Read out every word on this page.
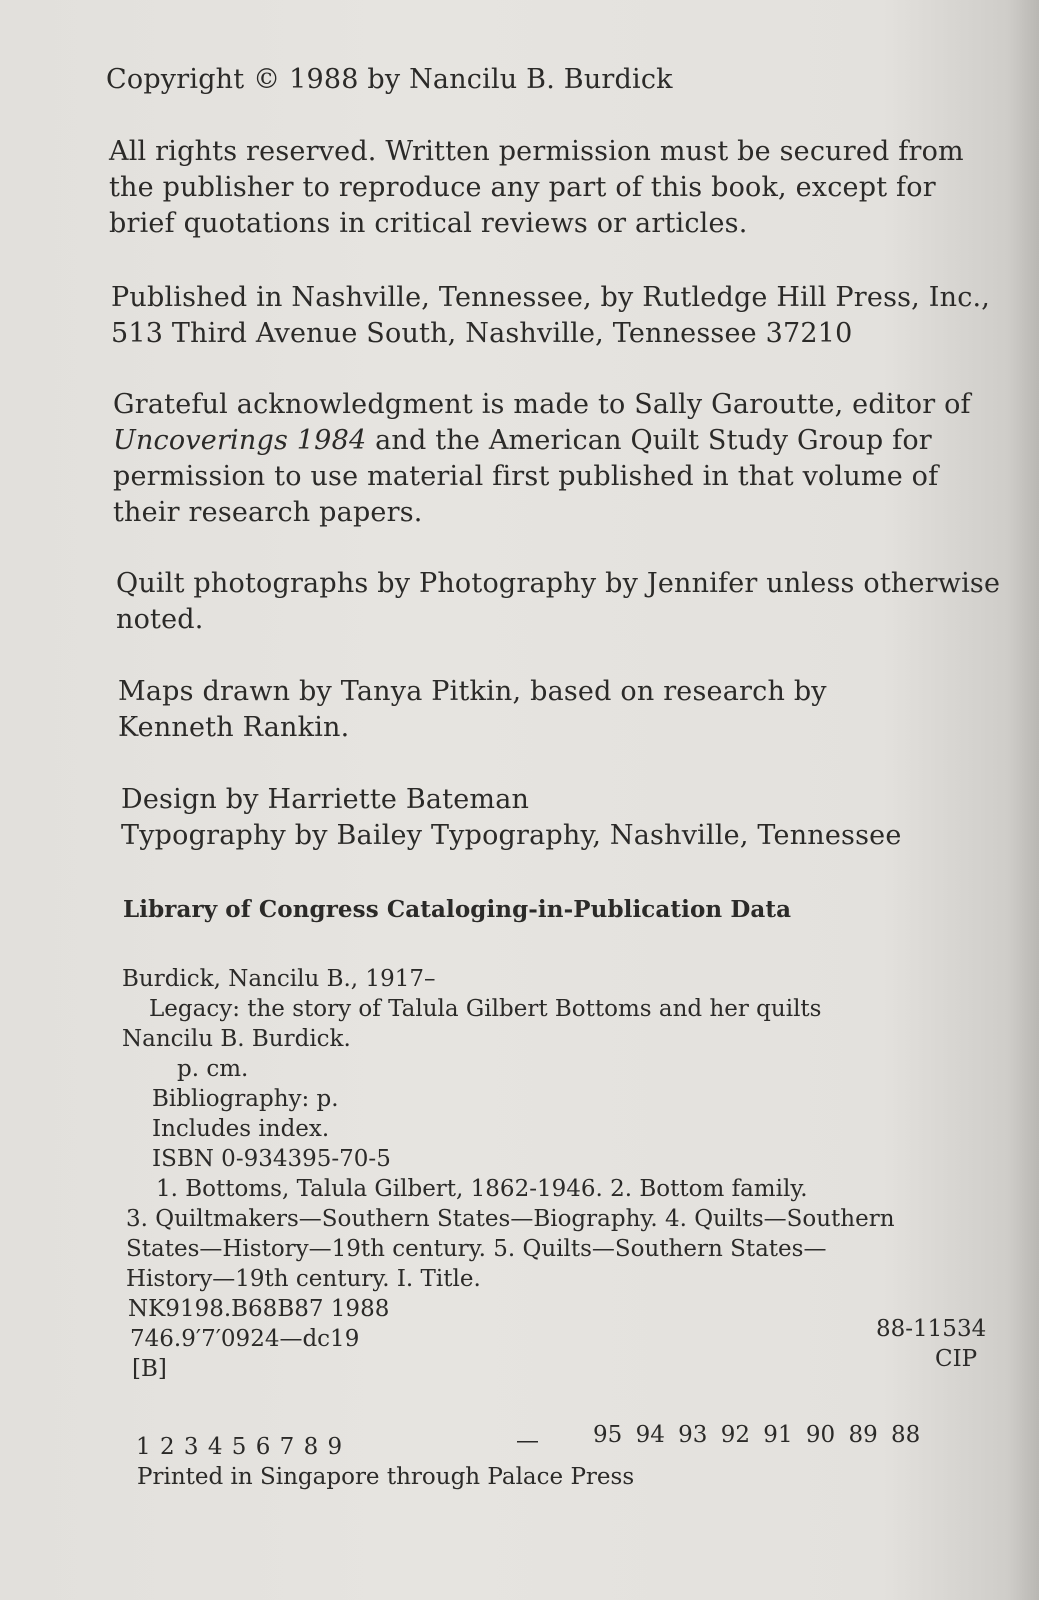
Copyright © 1988 by Nancilu B. Burdick

All rights reserved. Written permission must be secured from
the publisher to reproduce any part of this book, except for
brief quotations in critical reviews or articles.
Published in Nashville, Tennessee, by Rutledge Hill Press, Inc.,
513 Third Avenue South, Nashville, Tennessee 37210
Grateful acknowledgment is made to Sally Garoutte, editor of
Uncoverings 1984 and the American Quilt Study Group for
permission to use material first published in that volume of
their research papers.
Quilt photographs by Photography by Jennifer unless otherwise
noted.
Maps drawn by Tanya Pitkin, based on research by
Kenneth Rankin.
Design by Harriette Bateman
Typography by Bailey Typography, Nashville, Tennessee

Library of Congress Cataloging-in-Publication Data

Burdick, Nancilu B., 1917–
Legacy: the story of Talula Gilbert Bottoms and her quilts
Nancilu B. Burdick.
p. cm.
Bibliography: p.
Includes index.
ISBN 0-934395-70-5
1. Bottoms, Talula Gilbert, 1862-1946. 2. Bottom family.
3. Quiltmakers—Southern States—Biography. 4. Quilts—Southern
States—History—19th century. 5. Quilts—Southern States—
History—19th century. I. Title.
NK9198.B68B87 1988
746.9′7′0924—dc19
[B]

88-11534

CIP

1 2 3 4 5 6 7 8 9	— 95 94 93 92 91 90 89 88

Printed in Singapore through Palace Press
